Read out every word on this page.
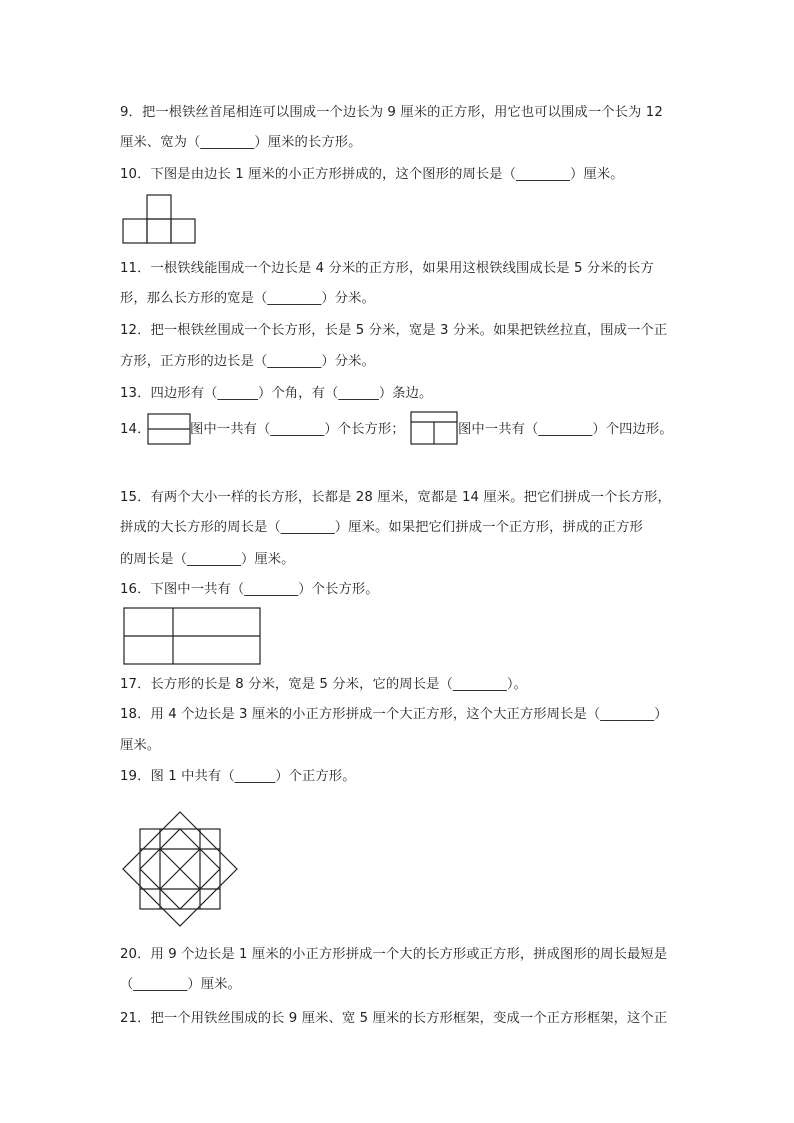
9．把一根铁丝首尾相连可以围成一个边长为 9 厘米的正方形，用它也可以围成一个长为 12
厘米、宽为（________）厘米的长方形。
10．下图是由边长 1 厘米的小正方形拼成的，这个图形的周长是（________）厘米。
11．一根铁线能围成一个边长是 4 分米的正方形，如果用这根铁线围成长是 5 分米的长方
形，那么长方形的宽是（________）分米。
12．把一根铁丝围成一个长方形，长是 5 分米，宽是 3 分米。如果把铁丝拉直，围成一个正
方形，正方形的边长是（________）分米。
13．四边形有（______）个角，有（______）条边。
14．	图中一共有（________）个长方形；	图中一共有（________）个四边形。
15．有两个大小一样的长方形，长都是 28 厘米，宽都是 14 厘米。把它们拼成一个长方形，
拼成的大长方形的周长是（________）厘米。如果把它们拼成一个正方形，拼成的正方形
的周长是（________）厘米。
16．下图中一共有（________）个长方形。
17．长方形的长是 8 分米，宽是 5 分米，它的周长是（________）。
18．用 4 个边长是 3 厘米的小正方形拼成一个大正方形，这个大正方形周长是（________）
厘米。
19．图 1 中共有（______）个正方形。
20．用 9 个边长是 1 厘米的小正方形拼成一个大的长方形或正方形，拼成图形的周长最短是
（________）厘米。
21．把一个用铁丝围成的长 9 厘米、宽 5 厘米的长方形框架，变成一个正方形框架，这个正
